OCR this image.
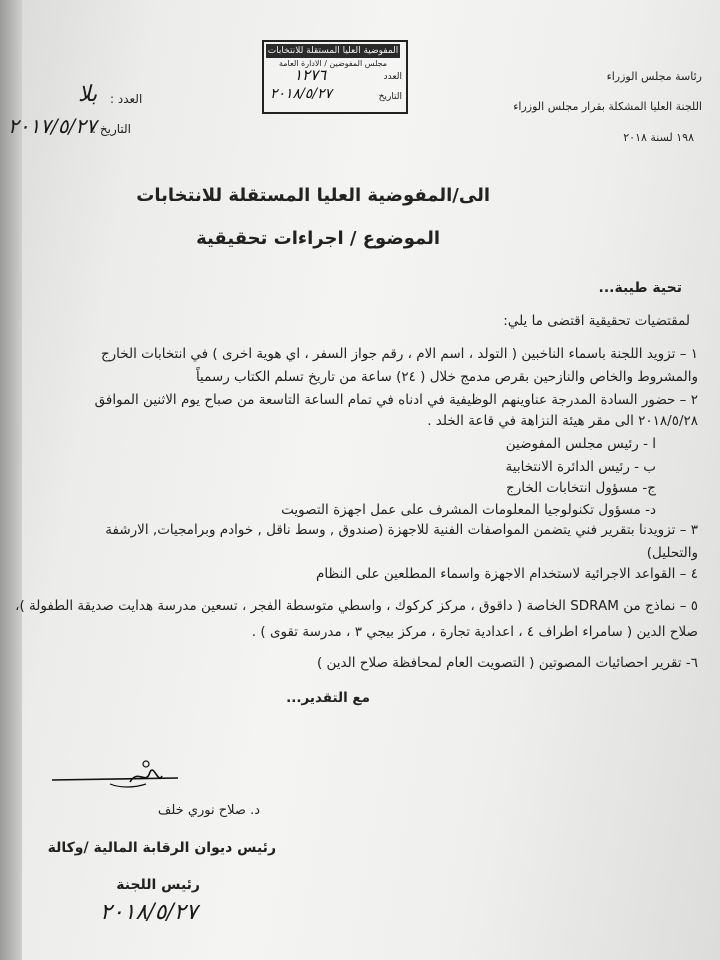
رئاسة مجلس الوزراء
اللجنة العليا المشكلة بقرار مجلس الوزراء
١٩٨ لسنة ٢٠١٨
العدد :
بلا
التاريخ :
٢٠١٧/٥/٢٧
المفوضية العليا المستقلة للانتخابات
مجلس المفوضين / الادارة العامة
العدد
١٢٧٦
التاريخ
٢٠١٨/٥/٢٧
الى/المفوضية العليا المستقلة للانتخابات
الموضوع / اجراءات تحقيقية
تحية طيبة...
لمقتضيات تحقيقية اقتضى ما يلي:
١ – تزويد اللجنة باسماء الناخبين ( التولد ، اسم الام ، رقم جواز السفر ، اي هوية اخرى ) في انتخابات الخارج
والمشروط والخاص والنازحين بقرص مدمج خلال ( ٢٤) ساعة من تاريخ تسلم الكتاب رسمياً
٢ – حضور السادة المدرجة عناوينهم الوظيفية في ادناه في تمام الساعة التاسعة من صباح يوم الاثنين الموافق
٢٠١٨/٥/٢٨ الى مقر هيئة النزاهة في قاعة الخلد .
ا - رئيس مجلس المفوضين
ب - رئيس الدائرة الانتخابية
ج- مسؤول انتخابات الخارج
د- مسؤول تكنولوجيا المعلومات المشرف على عمل اجهزة التصويت
٣ – تزويدنا بتقرير فني يتضمن المواصفات الفنية للاجهزة (صندوق , وسط ناقل , خوادم وبرامجيات, الارشفة
والتحليل)
٤ – القواعد الاجرائية لاستخدام الاجهزة واسماء المطلعين على النظام
٥ – نماذج من SDRAM الخاصة ( داقوق ، مركز كركوك ، واسطي متوسطة الفجر ، تسعين مدرسة هدايت صديقة الطفولة )،
صلاح الدين ( سامراء اطراف ٤ ، اعدادية تجارة ، مركز بيجي ٣ ، مدرسة تقوى ) .
٦- تقرير احصائيات المصوتين ( التصويت العام لمحافظة صلاح الدين )
مع التقدير...
د. صلاح نوري خلف
رئيس ديوان الرقابة المالية /وكالة
رئيس اللجنة
٢٠١٨/٥/٢٧
